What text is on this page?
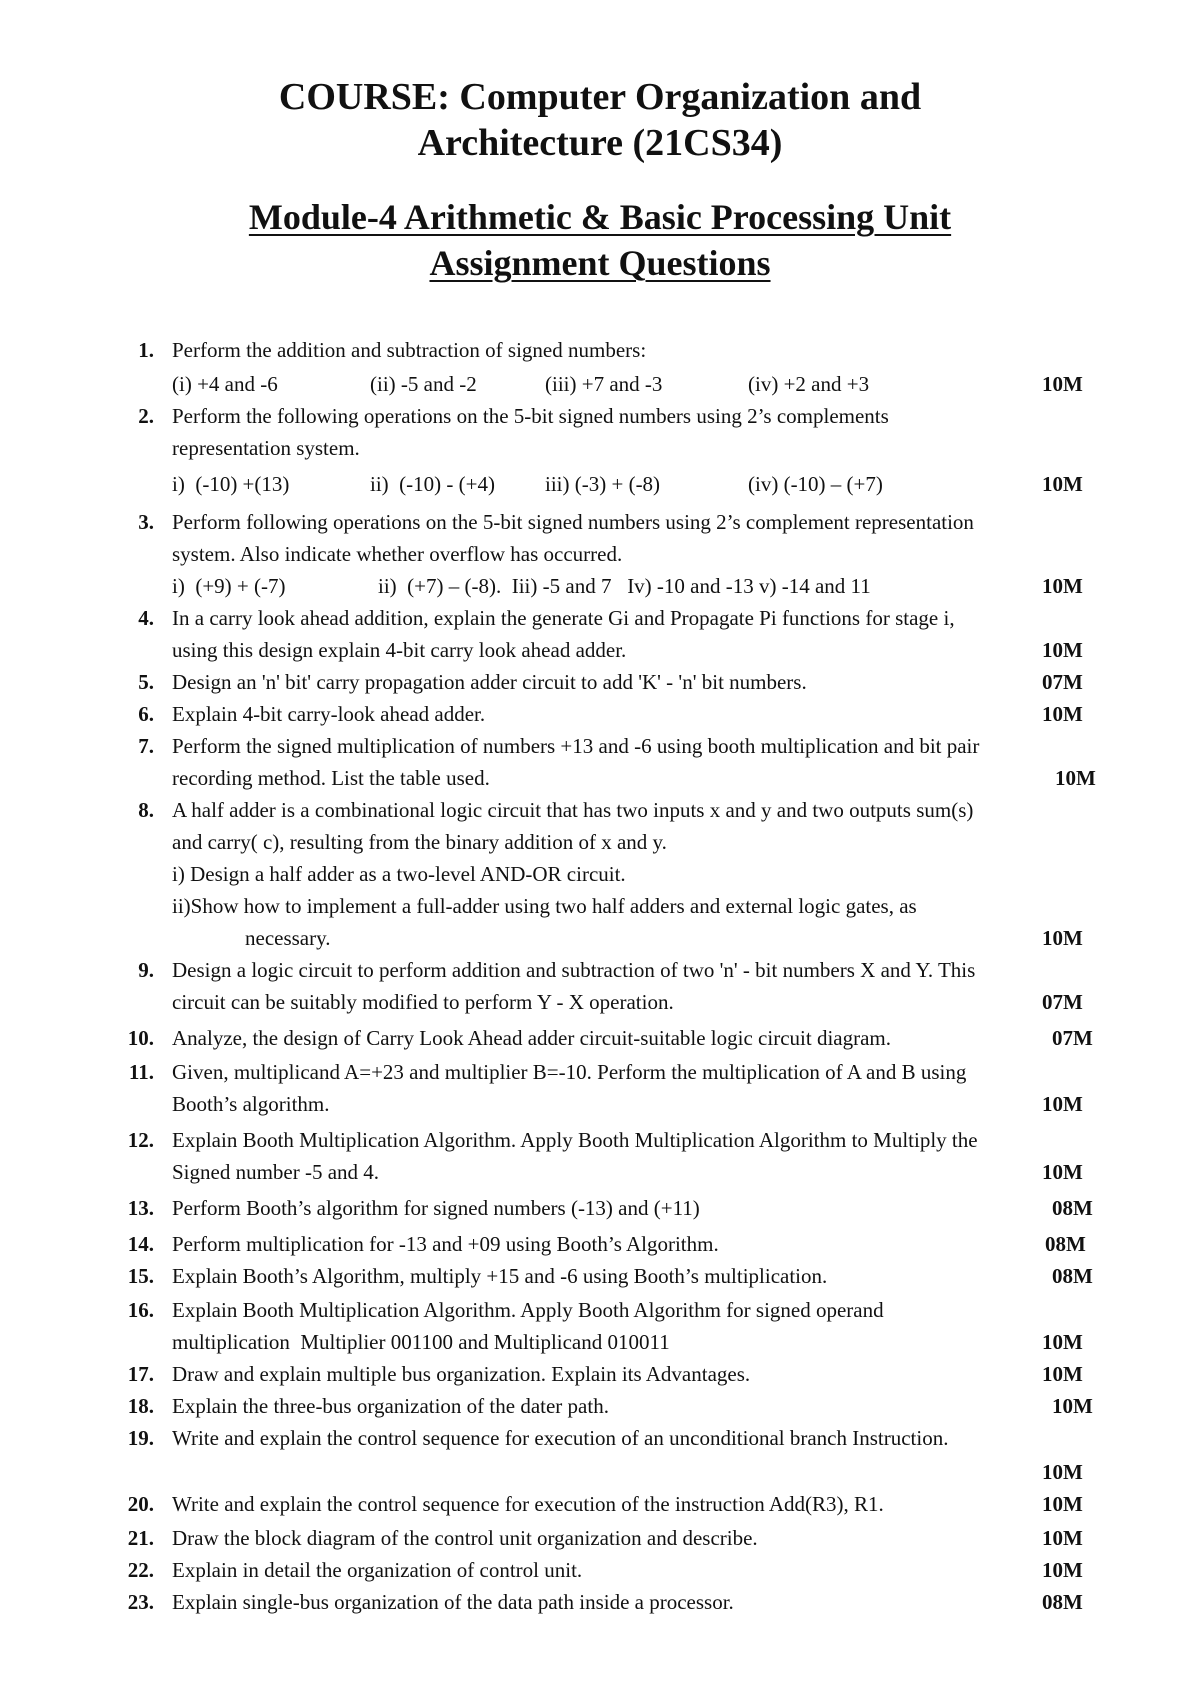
COURSE: Computer Organization and
Architecture (21CS34)
Module-4 Arithmetic & Basic Processing Unit
Assignment Questions
1. Perform the addition and subtraction of signed numbers:
(i) +4 and -6	(ii) -5 and -2	(iii) +7 and -3	(iv) +2 and +3	10M
2. Perform the following operations on the 5-bit signed numbers using 2’s complements
representation system.
i)  (-10) +(13)	ii)  (-10) - (+4) iii) (-3) + (-8)	(iv) (-10) – (+7)	10M
3. Perform following operations on the 5-bit signed numbers using 2’s complement representation
system. Also indicate whether overflow has occurred.
i)  (+9) + (-7)	ii)  (+7) – (-8).  Iii) -5 and 7   Iv) -10 and -13 v) -14 and 11	10M
4. In a carry look ahead addition, explain the generate Gi and Propagate Pi functions for stage i,
using this design explain 4-bit carry look ahead adder.	10M
5. Design an 'n' bit' carry propagation adder circuit to add 'K' - 'n' bit numbers.	07M
6. Explain 4-bit carry-look ahead adder.	10M
7. Perform the signed multiplication of numbers +13 and -6 using booth multiplication and bit pair
recording method. List the table used.	10M
8. A half adder is a combinational logic circuit that has two inputs x and y and two outputs sum(s)
and carry( c), resulting from the binary addition of x and y.
i) Design a half adder as a two-level AND-OR circuit.
ii)Show how to implement a full-adder using two half adders and external logic gates, as
necessary.	10M
9. Design a logic circuit to perform addition and subtraction of two 'n' - bit numbers X and Y. This
circuit can be suitably modified to perform Y - X operation.	07M
10. Analyze, the design of Carry Look Ahead adder circuit-suitable logic circuit diagram.	07M
11. Given, multiplicand A=+23 and multiplier B=-10. Perform the multiplication of A and B using
Booth’s algorithm.	10M
12. Explain Booth Multiplication Algorithm. Apply Booth Multiplication Algorithm to Multiply the
Signed number -5 and 4.	10M
13. Perform Booth’s algorithm for signed numbers (-13) and (+11)	08M
14. Perform multiplication for -13 and +09 using Booth’s Algorithm.	08M
15. Explain Booth’s Algorithm, multiply +15 and -6 using Booth’s multiplication.	08M
16. Explain Booth Multiplication Algorithm. Apply Booth Algorithm for signed operand
multiplication  Multiplier 001100 and Multiplicand 010011	10M
17. Draw and explain multiple bus organization. Explain its Advantages.	10M
18. Explain the three-bus organization of the dater path.	10M
19. Write and explain the control sequence for execution of an unconditional branch Instruction.
10M
20. Write and explain the control sequence for execution of the instruction Add(R3), R1.	10M
21. Draw the block diagram of the control unit organization and describe.	10M
22. Explain in detail the organization of control unit.	10M
23. Explain single-bus organization of the data path inside a processor.	08M
